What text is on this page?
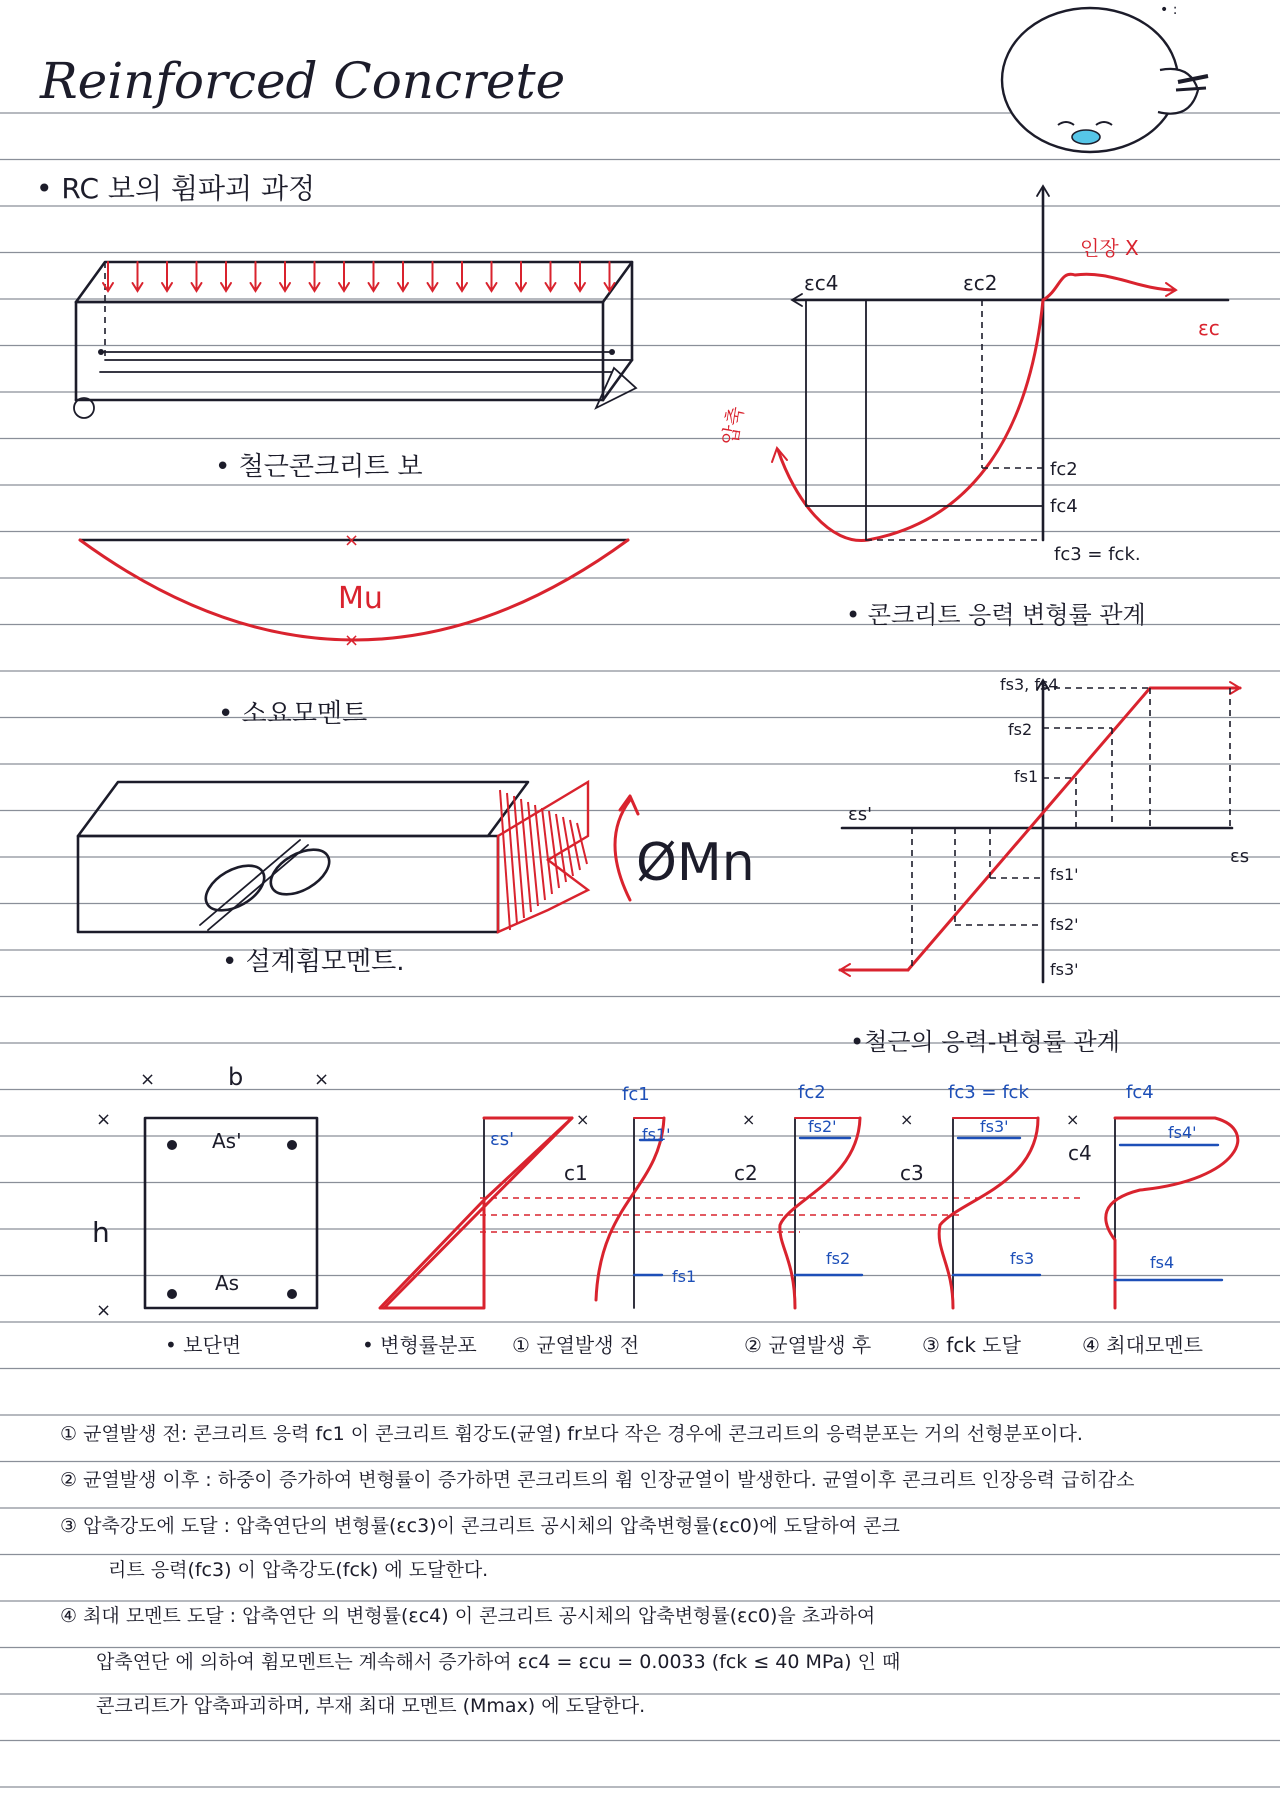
Reinforced Concrete
• :
• RC 보의 휨파괴 과정
• 철근콘크리트 보
Mu
×
×
• 소요모멘트
ØMn
• 설계휨모멘트.
εc4	εc2
εc
인장 X
압축
fc2
fc4
fc3 = fck.
• 콘크리트 응력 변형률 관계
fs3, fs4
fs2
fs1
εs'
εs
fs1'
fs2'
fs3'
•철근의 응력-변형률 관계
×	×
b
×
×
h
As'
As
εs'
×
fc1
c1
fs1'
fs1
×
fc2
c2
fs2'
fs2
×
fc3 = fck
c3
fs3'
fs3
×
fc4
c4
fs4'
fs4
• 보단면	• 변형률분포 ① 균열발생 전	② 균열발생 후	③ fck 도달	④ 최대모멘트
① 균열발생 전: 콘크리트 응력 fc1 이 콘크리트 휨강도(균열) fr보다 작은 경우에 콘크리트의 응력분포는 거의 선형분포이다.
② 균열발생 이후 : 하중이 증가하여 변형률이 증가하면 콘크리트의 휨 인장균열이 발생한다. 균열이후 콘크리트 인장응력 급히감소
③ 압축강도에 도달 : 압축연단의 변형률(εc3)이 콘크리트 공시체의 압축변형률(εc0)에 도달하여 콘크
리트 응력(fc3) 이 압축강도(fck) 에 도달한다.
④ 최대 모멘트 도달 : 압축연단 의 변형률(εc4) 이 콘크리트 공시체의 압축변형률(εc0)을 초과하여
압축연단 에 의하여 휨모멘트는 계속해서 증가하여 εc4 = εcu = 0.0033 (fck ≤ 40 MPa) 인 때
콘크리트가 압축파괴하며, 부재 최대 모멘트 (Mmax) 에 도달한다.
